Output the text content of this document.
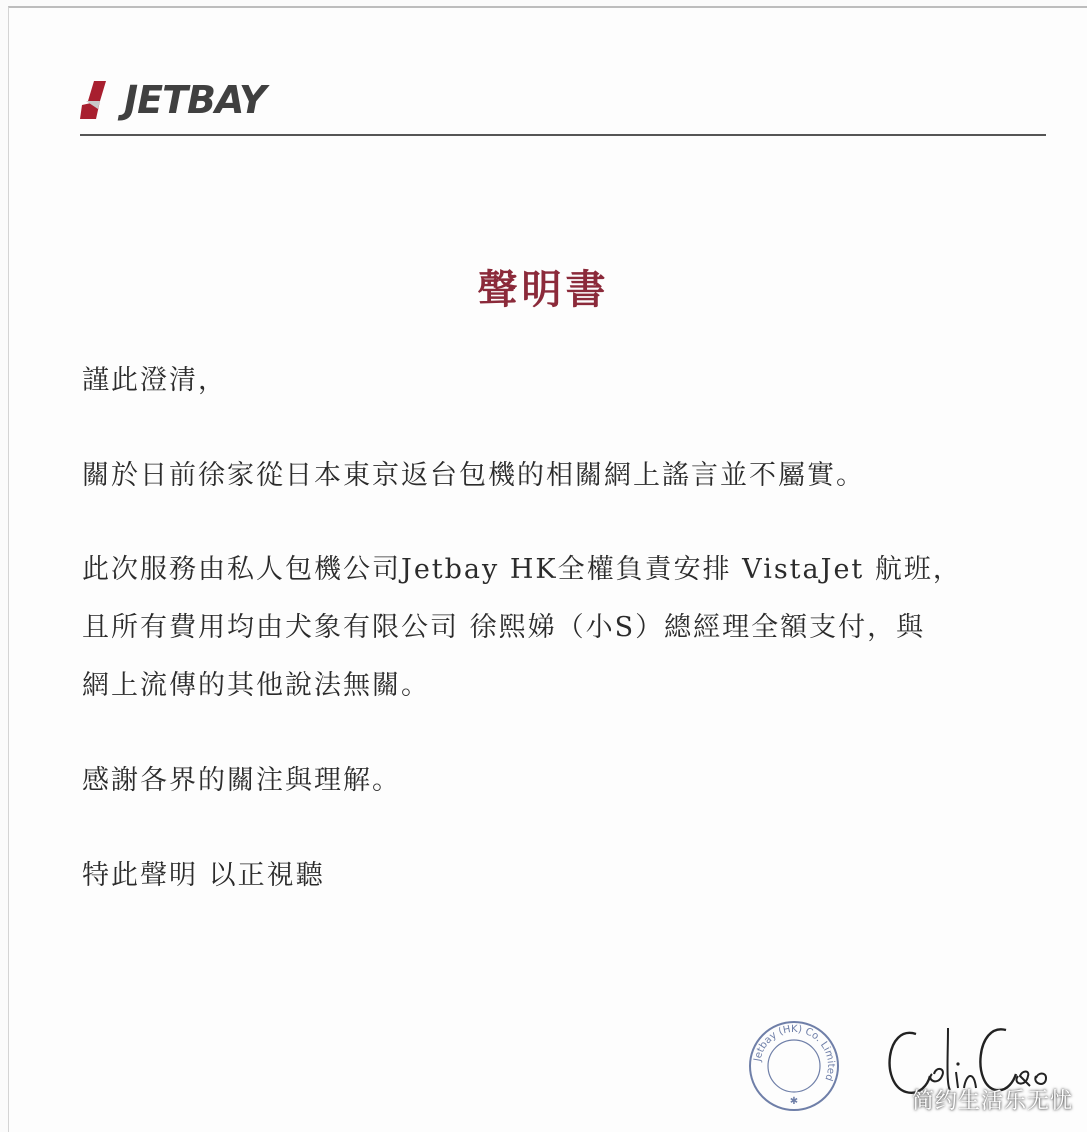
JETBAY
聲明書
謹此澄清，
關於日前徐家從日本東京返台包機的相關網上謠言並不屬實。
此次服務由私人包機公司Jetbay HK全權負責安排 VistaJet 航班，
且所有費用均由犬象有限公司 徐熙娣（小S）總經理全額支付，與
網上流傳的其他說法無關。
感謝各界的關注與理解。
特此聲明 以正視聽
Jetbay (HK) Co. Limited
✱	简约生活乐无忧
